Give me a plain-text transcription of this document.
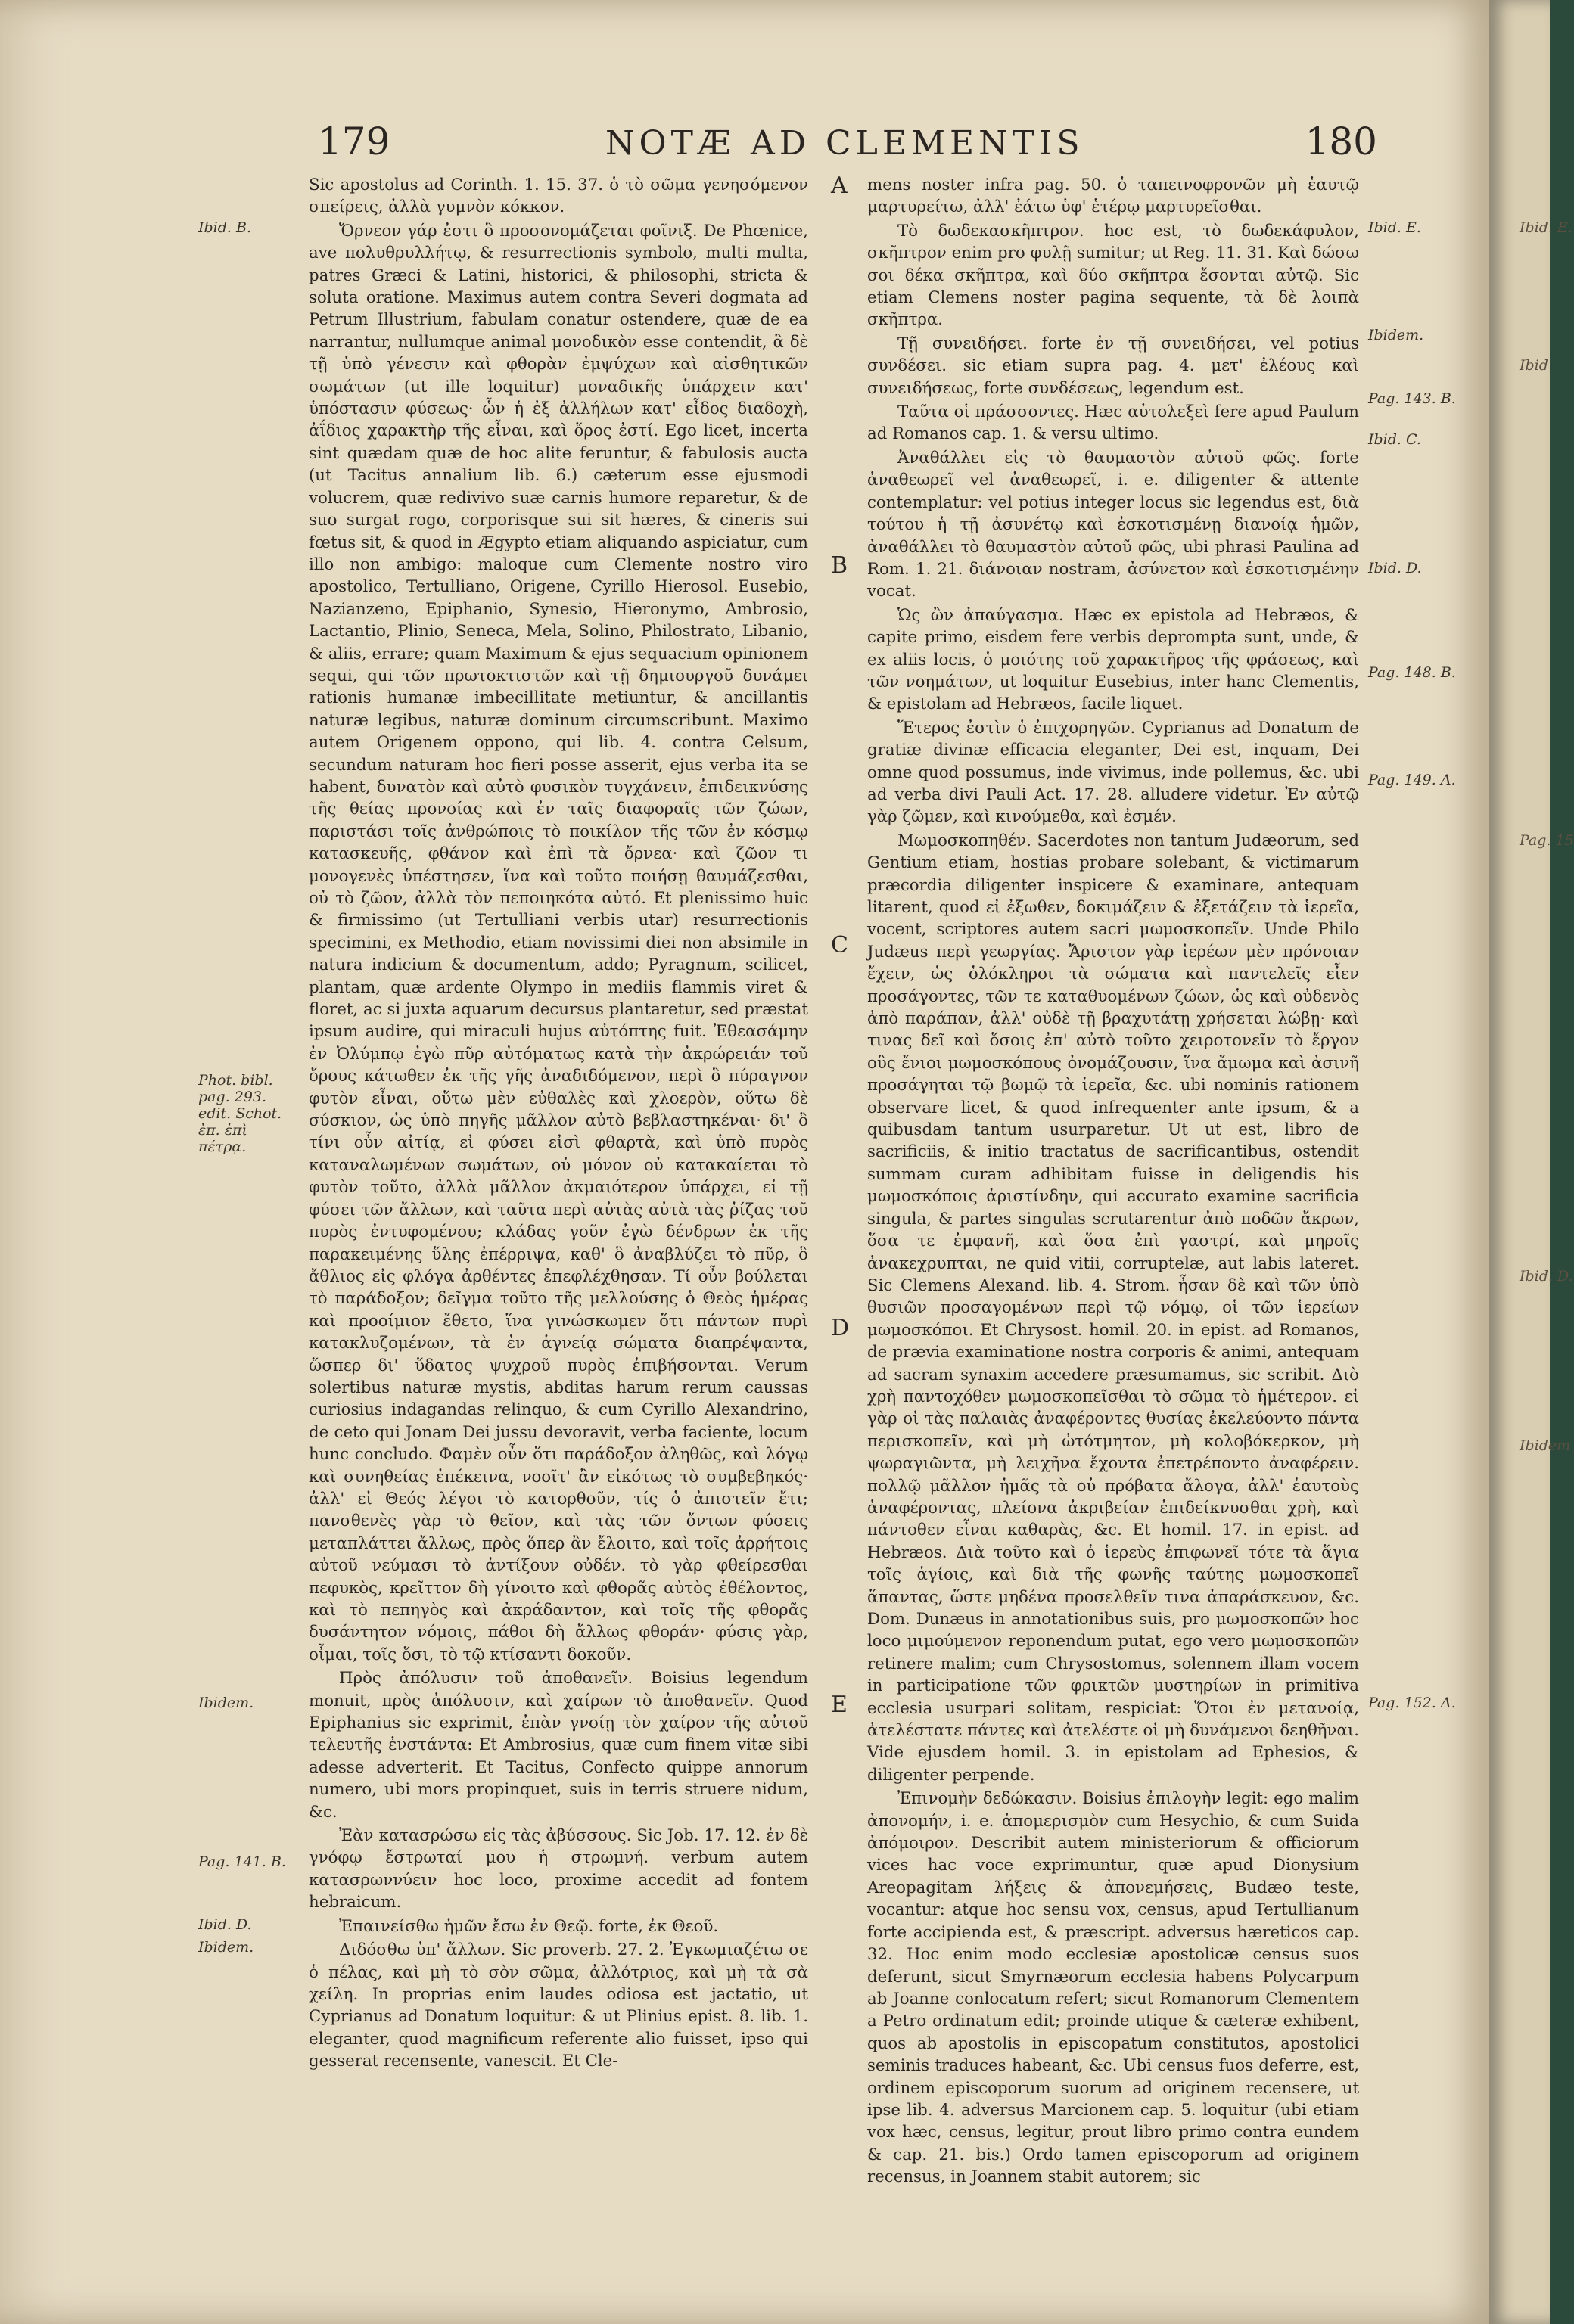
179	NOTÆ AD CLEMENTIS	180

Sic apostolus ad Corinth. 1. 15. 37. ὁ τὸ σῶμα γενησόμενον σπείρεις, ἀλλὰ γυμνὸν κόκκον.

Ὄρνεον γάρ ἐστι ὃ προσονομάζεται φοῖνιξ. De Phœnice, ave πολυθρυλλήτῳ, & resurrectionis symbolo, multi multa, patres Græci & Latini, historici, & philosophi, stricta & soluta oratione. Maximus autem contra Severi dogmata ad Petrum Illustrium, fabulam conatur ostendere, quæ de ea narrantur, nullumque animal μονοδικὸν esse contendit, ἃ δὲ τῇ ὑπὸ γένεσιν καὶ φθορὰν ἐμψύχων καὶ αἰσθητικῶν σωμάτων (ut ille loquitur) μοναδικῆς ὑπάρχειν κατ' ὑπόστασιν φύσεως· ὧν ἡ ἐξ ἀλλήλων κατ' εἶδος διαδοχὴ, ἀΐδιος χαρακτὴρ τῆς εἶναι, καὶ ὅρος ἐστί. Ego licet, incerta sint quædam quæ de hoc alite feruntur, & fabulosis aucta (ut Tacitus annalium lib. 6.) cæterum esse ejusmodi volucrem, quæ redivivo suæ carnis humore reparetur, & de suo surgat rogo, corporisque sui sit hæres, & cineris sui fœtus sit, & quod in Ægypto etiam aliquando aspiciatur, cum illo non ambigo: maloque cum Clemente nostro viro apostolico, Tertulliano, Origene, Cyrillo Hierosol. Eusebio, Nazianzeno, Epiphanio, Synesio, Hieronymo, Ambrosio, Lactantio, Plinio, Seneca, Mela, Solino, Philostrato, Libanio, & aliis, errare; quam Maximum & ejus sequacium opinionem sequi, qui τῶν πρωτοκτιστῶν καὶ τῇ δημιουργοῦ δυνάμει rationis humanæ imbecillitate metiuntur, & ancillantis naturæ legibus, naturæ dominum circumscribunt. Maximo autem Origenem oppono, qui lib. 4. contra Celsum, secundum naturam hoc fieri posse asserit, ejus verba ita se habent, δυνατὸν καὶ αὐτὸ φυσικὸν τυγχάνειν, ἐπιδεικνύσης τῆς θείας προνοίας καὶ ἐν ταῖς διαφοραῖς τῶν ζώων, παριστάσι τοῖς ἀνθρώποις τὸ ποικίλον τῆς τῶν ἐν κόσμῳ κατασκευῆς, φθάνον καὶ ἐπὶ τὰ ὄρνεα· καὶ ζῶον τι μονογενὲς ὑπέστησεν, ἵνα καὶ τοῦτο ποιήσῃ θαυμάζεσθαι, οὐ τὸ ζῶον, ἀλλὰ τὸν πεποιηκότα αὐτό. Et plenissimo huic & firmissimo (ut Tertulliani verbis utar) resurrectionis specimini, ex Methodio, etiam novissimi diei non absimile in natura indicium & documentum, addo; Pyragnum, scilicet, plantam, quæ ardente Olympo in mediis flammis viret & floret, ac si juxta aquarum decursus plantaretur, sed præstat ipsum audire, qui miraculi hujus αὐτόπτης fuit. Ἐθεασάμην ἐν Ὀλύμπῳ ἐγὼ πῦρ αὐτόματως κατὰ τὴν ἀκρώρειάν τοῦ ὄρους κάτωθεν ἐκ τῆς γῆς ἀναδιδόμενον, περὶ ὃ πύραγνον φυτὸν εἶναι, οὕτω μὲν εὐθαλὲς καὶ χλοερὸν, οὕτω δὲ σύσκιον, ὡς ὑπὸ πηγῆς μᾶλλον αὐτὸ βεβλαστηκέναι· δι' ὃ τίνι οὖν αἰτίᾳ, εἰ φύσει εἰσὶ φθαρτὰ, καὶ ὑπὸ πυρὸς καταναλωμένων σωμάτων, οὐ μόνον οὐ κατακαίεται τὸ φυτὸν τοῦτο, ἀλλὰ μᾶλλον ἀκμαιότερον ὑπάρχει, εἰ τῇ φύσει τῶν ἄλλων, καὶ ταῦτα περὶ αὐτὰς αὐτὰ τὰς ῥίζας τοῦ πυρὸς ἐντυφομένου; κλάδας γοῦν ἐγὼ δένδρων ἐκ τῆς παρακειμένης ὕλης ἐπέρριψα, καθ' ὃ ἀναβλύζει τὸ πῦρ, ὃ ἄθλιος εἰς φλόγα ἀρθέντες ἐπεφλέχθησαν. Τί οὖν βούλεται τὸ παράδοξον; δεῖγμα τοῦτο τῆς μελλούσης ὁ Θεὸς ἡμέρας καὶ προοίμιον ἔθετο, ἵνα γινώσκωμεν ὅτι πάντων πυρὶ κατακλυζομένων, τὰ ἐν ἁγνείᾳ σώματα διαπρέψαντα, ὥσπερ δι' ὕδατος ψυχροῦ πυρὸς ἐπιβήσονται. Verum solertibus naturæ mystis, abditas harum rerum caussas curiosius indagandas relinquo, & cum Cyrillo Alexandrino, de ceto qui Jonam Dei jussu devoravit, verba faciente, locum hunc concludo. Φαμὲν οὖν ὅτι παράδοξον ἀληθῶς, καὶ λόγῳ καὶ συνηθείας ἐπέκεινα, νοοῖτ' ἂν εἰκότως τὸ συμβεβηκός· ἀλλ' εἰ Θεός λέγοι τὸ κατορθοῦν, τίς ὁ ἀπιστεῖν ἔτι; πανσθενὲς γὰρ τὸ θεῖον, καὶ τὰς τῶν ὄντων φύσεις μεταπλάττει ἄλλως, πρὸς ὅπερ ἂν ἔλοιτο, καὶ τοῖς ἀρρήτοις αὐτοῦ νεύμασι τὸ ἀντίξουν οὐδέν. τὸ γὰρ φθείρεσθαι πεφυκὸς, κρεῖττον δὴ γίνοιτο καὶ φθορᾶς αὐτὸς ἐθέλοντος, καὶ τὸ πεπηγὸς καὶ ἀκράδαντον, καὶ τοῖς τῆς φθορᾶς δυσάντητον νόμοις, πάθοι δὴ ἄλλως φθοράν· φύσις γὰρ, οἶμαι, τοῖς ὅσι, τὸ τῷ κτίσαντι δοκοῦν.

Πρὸς ἀπόλυσιν τοῦ ἀποθανεῖν. Boisius legendum monuit, πρὸς ἀπόλυσιν, καὶ χαίρων τὸ ἀποθανεῖν. Quod Epiphanius sic exprimit, ἐπὰν γνοίῃ τὸν χαίρον τῆς αὐτοῦ τελευτῆς ἐνστάντα: Et Ambrosius, quæ cum finem vitæ sibi adesse adverterit. Et Tacitus, Confecto quippe annorum numero, ubi mors propinquet, suis in terris struere nidum, &c.

Ἐὰν κατασρώσω εἰς τὰς ἀβύσσους. Sic Job. 17. 12. ἐν δὲ γνόφῳ ἔστρωταί μου ἡ στρωμνή. verbum autem κατασρωννύειν hoc loco, proxime accedit ad fontem hebraicum.

Ἐπαινείσθω ἡμῶν ἔσω ἐν Θεῷ. forte, ἐκ Θεοῦ.

Διδόσθω ὑπ' ἄλλων. Sic proverb. 27. 2. Ἐγκωμιαζέτω σε ὁ πέλας, καὶ μὴ τὸ σὸν σῶμα, ἀλλότριος, καὶ μὴ τὰ σὰ χείλη. In proprias enim laudes odiosa est jactatio, ut Cyprianus ad Donatum loquitur: & ut Plinius epist. 8. lib. 1. eleganter, quod magnificum referente alio fuisset, ipso qui gesserat recensente, vanescit. Et Cle-

Ibid. B.
Phot. bibl. pag. 293. edit. Schot. ἐπ. ἐπὶ πέτρᾳ.
Ibidem.
Pag. 141. B.
Ibid. D.
Ibidem.
A
B
C
D
E

mens noster infra pag. 50. ὁ ταπεινοφρονῶν μὴ ἑαυτῷ μαρτυρείτω, ἀλλ' ἐάτω ὑφ' ἑτέρῳ μαρτυρεῖσθαι.

Τὸ δωδεκασκῆπτρον. hoc est, τὸ δωδεκάφυλον, σκῆπτρον enim pro φυλῇ sumitur; ut Reg. 11. 31. Καὶ δώσω σοι δέκα σκῆπτρα, καὶ δύο σκῆπτρα ἔσονται αὐτῷ. Sic etiam Clemens noster pagina sequente, τὰ δὲ λοιπὰ σκῆπτρα.

Τῇ συνειδήσει. forte ἐν τῇ συνειδήσει, vel potius συνδέσει. sic etiam supra pag. 4. μετ' ἐλέους καὶ συνειδήσεως, forte συνδέσεως, legendum est.

Ταῦτα οἱ πράσσοντες. Hæc αὐτολεξεὶ fere apud Paulum ad Romanos cap. 1. & versu ultimo.

Ἀναθάλλει εἰς τὸ θαυμαστὸν αὐτοῦ φῶς. forte ἀναθεωρεῖ vel ἀναθεωρεῖ, i. e. diligenter & attente contemplatur: vel potius integer locus sic legendus est, διὰ τούτου ἡ τῇ ἀσυνέτῳ καὶ ἐσκοτισμένῃ διανοίᾳ ἡμῶν, ἀναθάλλει τὸ θαυμαστὸν αὐτοῦ φῶς, ubi phrasi Paulina ad Rom. 1. 21. διάνοιαν nostram, ἀσύνετον καὶ ἐσκοτισμένην vocat.

Ὡς ὢν ἀπαύγασμα. Hæc ex epistola ad Hebræos, & capite primo, eisdem fere verbis deprompta sunt, unde, & ex aliis locis, ὁ μοιότης τοῦ χαρακτῆρος τῆς φράσεως, καὶ τῶν νοημάτων, ut loquitur Eusebius, inter hanc Clementis, & epistolam ad Hebræos, facile liquet.

Ἕτερος ἐστὶν ὁ ἐπιχορηγῶν. Cyprianus ad Donatum de gratiæ divinæ efficacia eleganter, Dei est, inquam, Dei omne quod possumus, inde vivimus, inde pollemus, &c. ubi ad verba divi Pauli Act. 17. 28. alludere videtur. Ἐν αὐτῷ γὰρ ζῶμεν, καὶ κινούμεθα, καὶ ἐσμέν.

Μωμοσκοπηθέν. Sacerdotes non tantum Judæorum, sed Gentium etiam, hostias probare solebant, & victimarum præcordia diligenter inspicere & examinare, antequam litarent, quod εἰ ἐξωθεν, δοκιμάζειν & ἐξετάζειν τὰ ἱερεῖα, vocent, scriptores autem sacri μωμοσκοπεῖν. Unde Philo Judæus περὶ γεωργίας. Ἄριστον γὰρ ἱερέων μὲν πρόνοιαν ἔχειν, ὡς ὁλόκληροι τὰ σώματα καὶ παντελεῖς εἶεν προσάγοντες, τῶν τε καταθυομένων ζώων, ὡς καὶ οὐδενὸς ἀπὸ παράπαν, ἀλλ' οὐδὲ τῇ βραχυτάτῃ χρήσεται λώβῃ· καὶ τινας δεῖ καὶ ὅσοις ἐπ' αὐτὸ τοῦτο χειροτονεῖν τὸ ἔργον οὓς ἔνιοι μωμοσκόπους ὀνομάζουσιν, ἵνα ἄμωμα καὶ ἀσινῆ προσάγηται τῷ βωμῷ τὰ ἱερεῖα, &c. ubi nominis rationem observare licet, & quod infrequenter ante ipsum, & a quibusdam tantum usurparetur. Ut ut est, libro de sacrificiis, & initio tractatus de sacrificantibus, ostendit summam curam adhibitam fuisse in deligendis his μωμοσκόποις ἀριστίνδην, qui accurato examine sacrificia singula, & partes singulas scrutarentur ἀπὸ ποδῶν ἄκρων, ὅσα τε ἐμφανῆ, καὶ ὅσα ἐπὶ γαστρί, καὶ μηροῖς ἀνακεχρυπται, ne quid vitii, corruptelæ, aut labis lateret. Sic Clemens Alexand. lib. 4. Strom. ἦσαν δὲ καὶ τῶν ὑπὸ θυσιῶν προσαγομένων περὶ τῷ νόμῳ, οἱ τῶν ἱερείων μωμοσκόποι. Et Chrysost. homil. 20. in epist. ad Romanos, de prævia examinatione nostra corporis & animi, antequam ad sacram synaxim accedere præsumamus, sic scribit. Διὸ χρὴ παντοχόθεν μωμοσκοπεῖσθαι τὸ σῶμα τὸ ἡμέτερον. εἰ γὰρ οἱ τὰς παλαιὰς ἀναφέροντες θυσίας ἐκελεύοντο πάντα περισκοπεῖν, καὶ μὴ ὠτότμητον, μὴ κολοβόκερκον, μὴ ψωραγιῶντα, μὴ λειχῆνα ἔχοντα ἐπετρέποντο ἀναφέρειν. πολλῷ μᾶλλον ἡμᾶς τὰ οὐ πρόβατα ἄλογα, ἀλλ' ἑαυτοὺς ἀναφέροντας, πλείονα ἀκριβείαν ἐπιδείκνυσθαι χρὴ, καὶ πάντοθεν εἶναι καθαρὰς, &c. Et homil. 17. in epist. ad Hebræos. Διὰ τοῦτο καὶ ὁ ἱερεὺς ἐπιφωνεῖ τότε τὰ ἅγια τοῖς ἁγίοις, καὶ διὰ τῆς φωνῆς ταύτης μωμοσκοπεῖ ἅπαντας, ὥστε μηδένα προσελθεῖν τινα ἀπαράσκευον, &c. Dom. Dunæus in annotationibus suis, pro μωμοσκοπῶν hoc loco μιμούμενον reponendum putat, ego vero μωμοσκοπῶν retinere malim; cum Chrysostomus, solennem illam vocem in participatione τῶν φρικτῶν μυστηρίων in primitiva ecclesia usurpari solitam, respiciat: Ὅτοι ἐν μετανοίᾳ, ἀτελέστατε πάντες καὶ ἀτελέστε οἱ μὴ δυνάμενοι δεηθῆναι. Vide ejusdem homil. 3. in epistolam ad Ephesios, & diligenter perpende.

Ἐπινομὴν δεδώκασιν. Boisius ἐπιλογὴν legit: ego malim ἀπονομήν, i. e. ἀπομερισμὸν cum Hesychio, & cum Suida ἀπόμοιρον. Describit autem ministeriorum & officiorum vices hac voce exprimuntur, quæ apud Dionysium Areopagitam λήξεις & ἀπονεμήσεις, Budæo teste, vocantur: atque hoc sensu vox, census, apud Tertullianum forte accipienda est, & præscript. adversus hæreticos cap. 32. Hoc enim modo ecclesiæ apostolicæ census suos deferunt, sicut Smyrnæorum ecclesia habens Polycarpum ab Joanne conlocatum refert; sicut Romanorum Clementem a Petro ordinatum edit; proinde utique & cæteræ exhibent, quos ab apostolis in episcopatum constitutos, apostolici seminis traduces habeant, &c. Ubi census fuos deferre, est, ordinem episcoporum suorum ad originem recensere, ut ipse lib. 4. adversus Marcionem cap. 5. loquitur (ubi etiam vox hæc, census, legitur, prout libro primo contra eundem & cap. 21. bis.) Ordo tamen episcoporum ad originem recensus, in Joannem stabit autorem; sic

Ibid. E.
Ibidem.
Pag. 143. B.
Ibid. C.
Ibid. D.
Pag. 148. B.
Pag. 149. A.
Pag. 152. A.
Ibid. E.
Ibid
Pag. 15
Ibid. D.
Ibidem
